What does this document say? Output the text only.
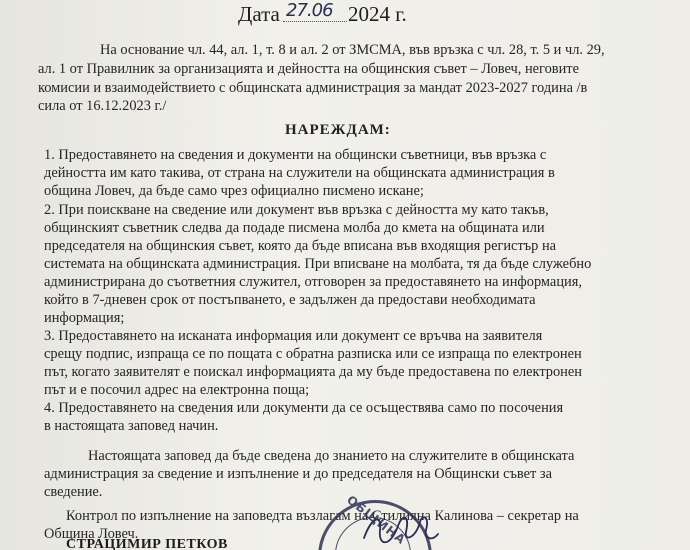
Дата 27.06 2024 г.
На основание чл. 44, ал. 1, т. 8 и ал. 2 от ЗМСМА, във връзка с чл. 28, т. 5 и чл. 29,
ал. 1 от Правилник за организацията и дейността на общинския съвет – Ловеч, неговите
комисии и взаимодействието с общинската администрация за мандат 2023-2027 година /в
сила от 16.12.2023 г./
НАРЕЖДАМ:
1. Предоставянето на сведения и документи на общински съветници, във връзка с
дейността им като такива, от страна на служители на общинската администрация в
община Ловеч, да бъде само чрез официално писмено искане;
2. При поискване на сведение или документ във връзка с дейността му като такъв,
общинският съветник следва да подаде писмена молба до кмета на общината или
председателя на общинския съвет, която да бъде вписана във входящия регистър на
системата на общинската администрация. При вписване на молбата, тя да бъде служебно
администрирана до съответния служител, отговорен за предоставянето на информация,
който в 7-дневен срок от постъпването, е задължен да предостави необходимата
информация;
3. Предоставянето на исканата информация или документ се връчва на заявителя
срещу подпис, изпраща се по пощата с обратна разписка или се изпраща по електронен
път, когато заявителят е поискал информацията да му бъде предоставена по електронен
път и е посочил адрес на електронна поща;
4. Предоставянето на сведения или документи да се осъществява само по посочения
в настоящата заповед начин.
Настоящата заповед да бъде сведена до знанието на служителите в общинската
администрация за сведение и изпълнение и до председателя на Общински съвет за
сведение.
Контрол по изпълнение на заповедта възлагам на Стилияна Калинова – секретар на
Община Ловеч.	ОБЩИНА
СТРАЦИМИР ПЕТКОВ
